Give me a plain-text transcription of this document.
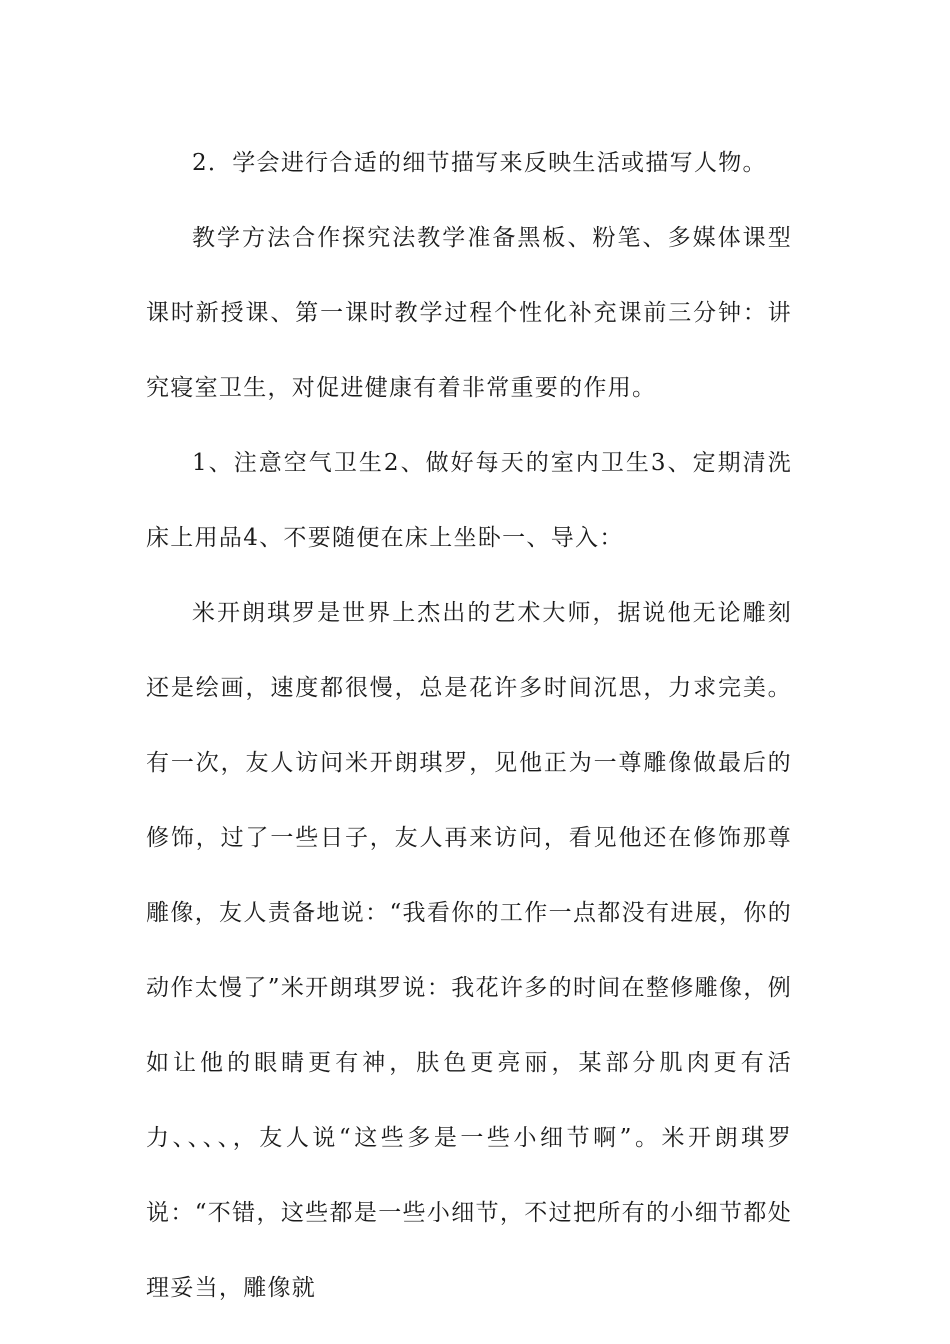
2．学会进行合适的细节描写来反映生活或描写人物。

教学方法合作探究法教学准备黑板、粉笔、多媒体课型课时新授课、第一课时教学过程个性化补充课前三分钟：讲究寝室卫生，对促进健康有着非常重要的作用。

1、注意空气卫生2、做好每天的室内卫生3、定期清洗床上用品4、不要随便在床上坐卧一、导入：

米开朗琪罗是世界上杰出的艺术大师，据说他无论雕刻还是绘画，速度都很慢，总是花许多时间沉思，力求完美。有一次，友人访问米开朗琪罗，见他正为一尊雕像做最后的修饰，过了一些日子，友人再来访问，看见他还在修饰那尊雕像，友人责备地说：“我看你的工作一点都没有进展，你的动作太慢了”米开朗琪罗说：我花许多的时间在整修雕像，例如让他的眼睛更有神，肤色更亮丽，某部分肌肉更有活力、、、、，友人说“这些多是一些小细节啊”。米开朗琪罗说：“不错，这些都是一些小细节，不过把所有的小细节都处理妥当，雕像就
